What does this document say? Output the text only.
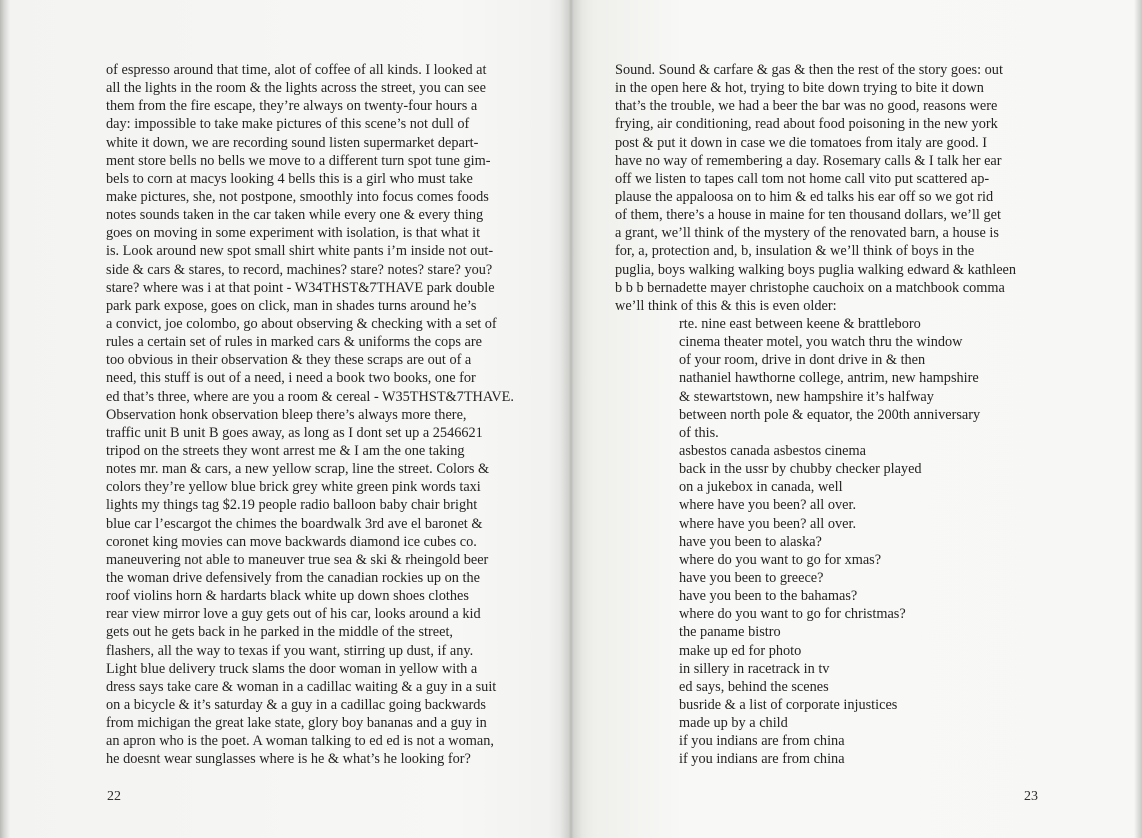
of espresso around that time, alot of coffee of all kinds. I looked at
all the lights in the room & the lights across the street, you can see
them from the fire escape, they’re always on twenty-four hours a
day: impossible to take make pictures of this scene’s not dull of
white it down, we are recording sound listen supermarket depart-
ment store bells no bells we move to a different turn spot tune gim-
bels to corn at macys looking 4 bells this is a girl who must take
make pictures, she, not postpone, smoothly into focus comes foods
notes sounds taken in the car taken while every one & every thing
goes on moving in some experiment with isolation, is that what it
is. Look around new spot small shirt white pants i’m inside not out-
side & cars & stares, to record, machines? stare? notes? stare? you?
stare? where was i at that point - W34THST&7THAVE park double
park park expose, goes on click, man in shades turns around he’s
a convict, joe colombo, go about observing & checking with a set of
rules a certain set of rules in marked cars & uniforms the cops are
too obvious in their observation & they these scraps are out of a
need, this stuff is out of a need, i need a book two books, one for
ed that’s three, where are you a room & cereal - W35THST&7THAVE.
Observation honk observation bleep there’s always more there,
traffic unit B unit B goes away, as long as I dont set up a 2546621
tripod on the streets they wont arrest me & I am the one taking
notes mr. man & cars, a new yellow scrap, line the street. Colors &
colors they’re yellow blue brick grey white green pink words taxi
lights my things tag $2.19 people radio balloon baby chair bright
blue car l’escargot the chimes the boardwalk 3rd ave el baronet &
coronet king movies can move backwards diamond ice cubes co.
maneuvering not able to maneuver true sea & ski & rheingold beer
the woman drive defensively from the canadian rockies up on the
roof violins horn & hardarts black white up down shoes clothes
rear view mirror love a guy gets out of his car, looks around a kid
gets out he gets back in he parked in the middle of the street,
flashers, all the way to texas if you want, stirring up dust, if any.
Light blue delivery truck slams the door woman in yellow with a
dress says take care & woman in a cadillac waiting & a guy in a suit
on a bicycle & it’s saturday & a guy in a cadillac going backwards
from michigan the great lake state, glory boy bananas and a guy in
an apron who is the poet. A woman talking to ed ed is not a woman,
he doesnt wear sunglasses where is he & what’s he looking for?
22
Sound. Sound & carfare & gas & then the rest of the story goes: out
in the open here & hot, trying to bite down trying to bite it down
that’s the trouble, we had a beer the bar was no good, reasons were
frying, air conditioning, read about food poisoning in the new york
post & put it down in case we die tomatoes from italy are good. I
have no way of remembering a day. Rosemary calls & I talk her ear
off we listen to tapes call tom not home call vito put scattered ap-
plause the appaloosa on to him & ed talks his ear off so we got rid
of them, there’s a house in maine for ten thousand dollars, we’ll get
a grant, we’ll think of the mystery of the renovated barn, a house is
for, a, protection and, b, insulation & we’ll think of boys in the
puglia, boys walking walking boys puglia walking edward & kathleen
b b b bernadette mayer christophe cauchoix on a matchbook comma
we’ll think of this & this is even older:
rte. nine east between keene & brattleboro
cinema theater motel, you watch thru the window
of your room, drive in dont drive in & then
nathaniel hawthorne college, antrim, new hampshire
& stewartstown, new hampshire it’s halfway
between north pole & equator, the 200th anniversary
of this.
asbestos canada asbestos cinema
back in the ussr by chubby checker played
on a jukebox in canada, well
where have you been? all over.
where have you been? all over.
have you been to alaska?
where do you want to go for xmas?
have you been to greece?
have you been to the bahamas?
where do you want to go for christmas?
the paname bistro
make up ed for photo
in sillery in racetrack in tv
ed says, behind the scenes
busride & a list of corporate injustices
made up by a child
if you indians are from china
if you indians are from china
23
